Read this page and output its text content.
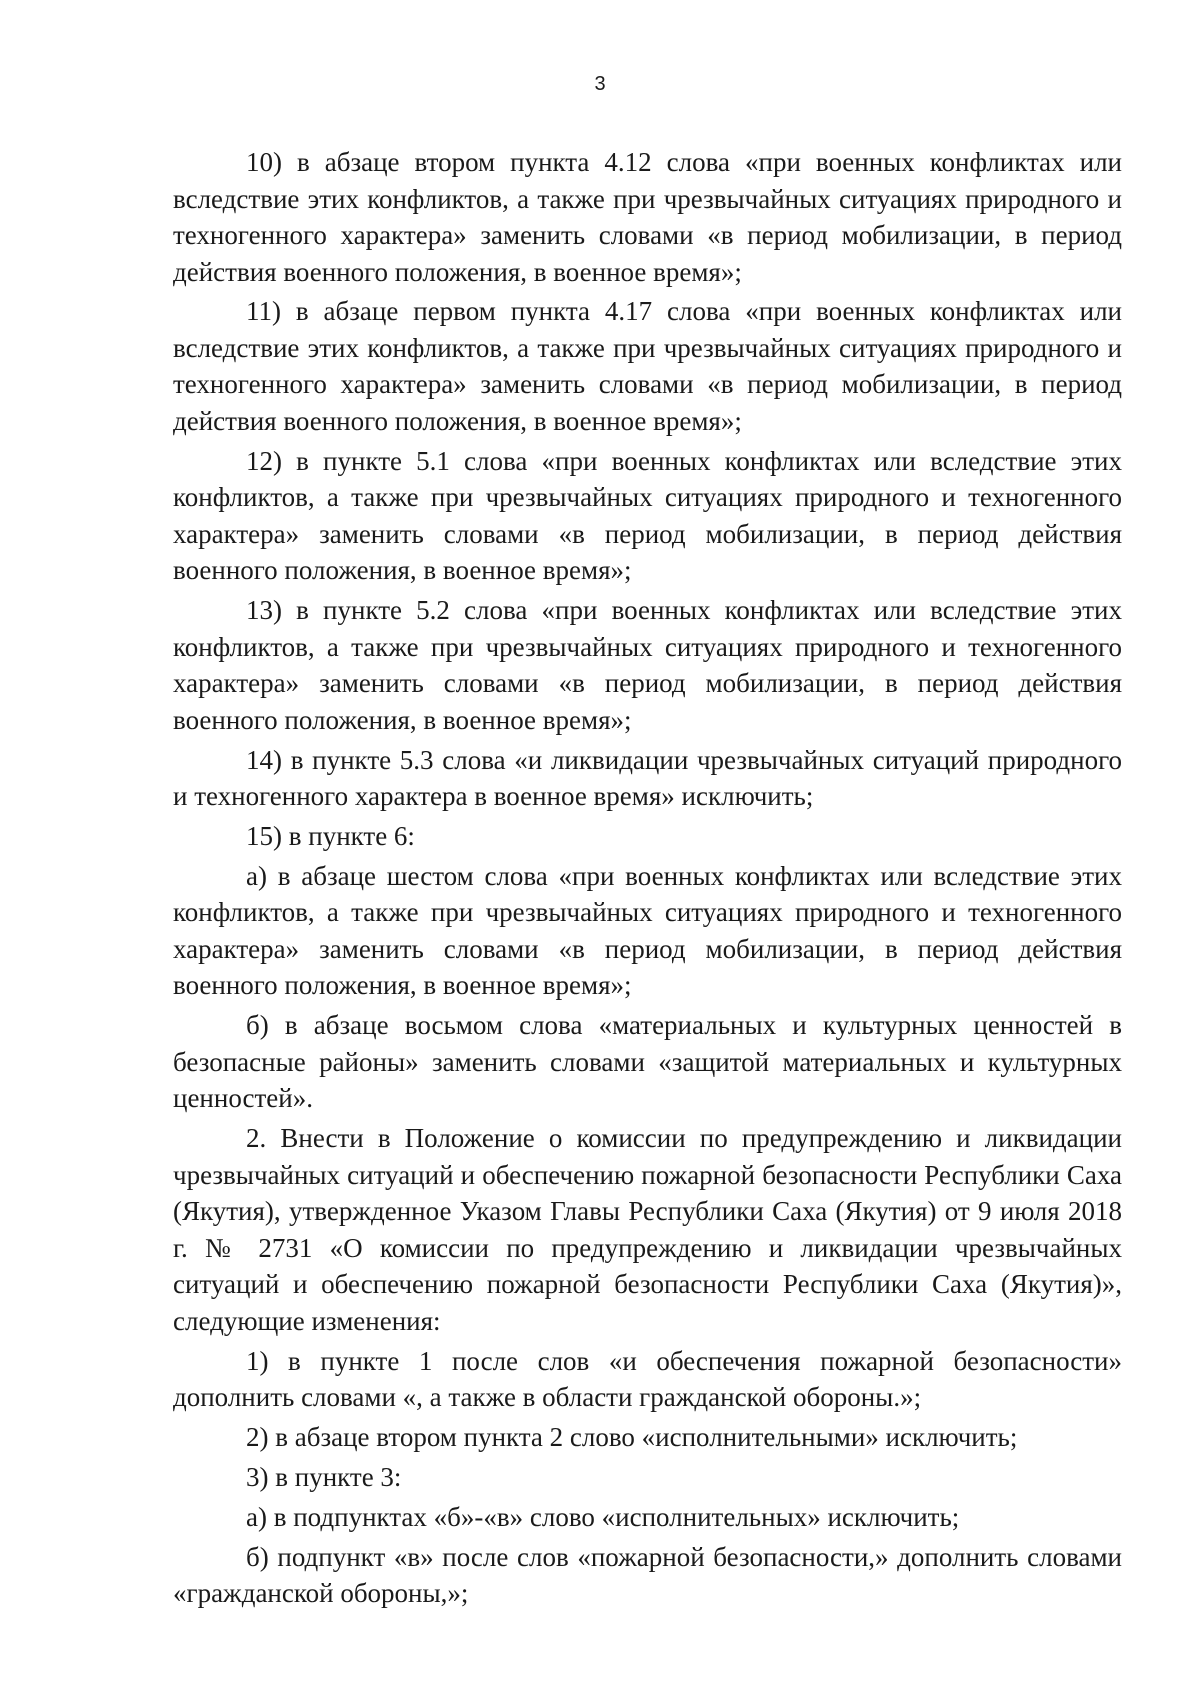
3

10) в абзаце втором пункта 4.12 слова «при военных конфликтах или вследствие этих конфликтов, а также при чрезвычайных ситуациях природного и техногенного характера» заменить словами «в период мобилизации, в период действия военного положения, в военное время»;

11) в абзаце первом пункта 4.17 слова «при военных конфликтах или вследствие этих конфликтов, а также при чрезвычайных ситуациях природного и техногенного характера» заменить словами «в период мобилизации, в период действия военного положения, в военное время»;

12) в пункте 5.1 слова «при военных конфликтах или вследствие этих конфликтов, а также при чрезвычайных ситуациях природного и техногенного характера» заменить словами «в период мобилизации, в период действия военного положения, в военное время»;

13) в пункте 5.2 слова «при военных конфликтах или вследствие этих конфликтов, а также при чрезвычайных ситуациях природного и техногенного характера» заменить словами «в период мобилизации, в период действия военного положения, в военное время»;

14) в пункте 5.3 слова «и ликвидации чрезвычайных ситуаций природного и техногенного характера в военное время» исключить;

15) в пункте 6:

а) в абзаце шестом слова «при военных конфликтах или вследствие этих конфликтов, а также при чрезвычайных ситуациях природного и техногенного характера» заменить словами «в период мобилизации, в период действия военного положения, в военное время»;

б) в абзаце восьмом слова «материальных и культурных ценностей в безопасные районы» заменить словами «защитой материальных и культурных ценностей».

2. Внести в Положение о комиссии по предупреждению и ликвидации чрезвычайных ситуаций и обеспечению пожарной безопасности Республики Саха (Якутия), утвержденное Указом Главы Республики Саха (Якутия) от 9 июля 2018 г. № 2731 «О комиссии по предупреждению и ликвидации чрезвычайных ситуаций и обеспечению пожарной безопасности Республики Саха (Якутия)», следующие изменения:

1) в пункте 1 после слов «и обеспечения пожарной безопасности» дополнить словами «, а также в области гражданской обороны.»;

2) в абзаце втором пункта 2 слово «исполнительными» исключить;

3) в пункте 3:

а) в подпунктах «б»-«в» слово «исполнительных» исключить;

б) подпункт «в» после слов «пожарной безопасности,» дополнить словами «гражданской обороны,»;
